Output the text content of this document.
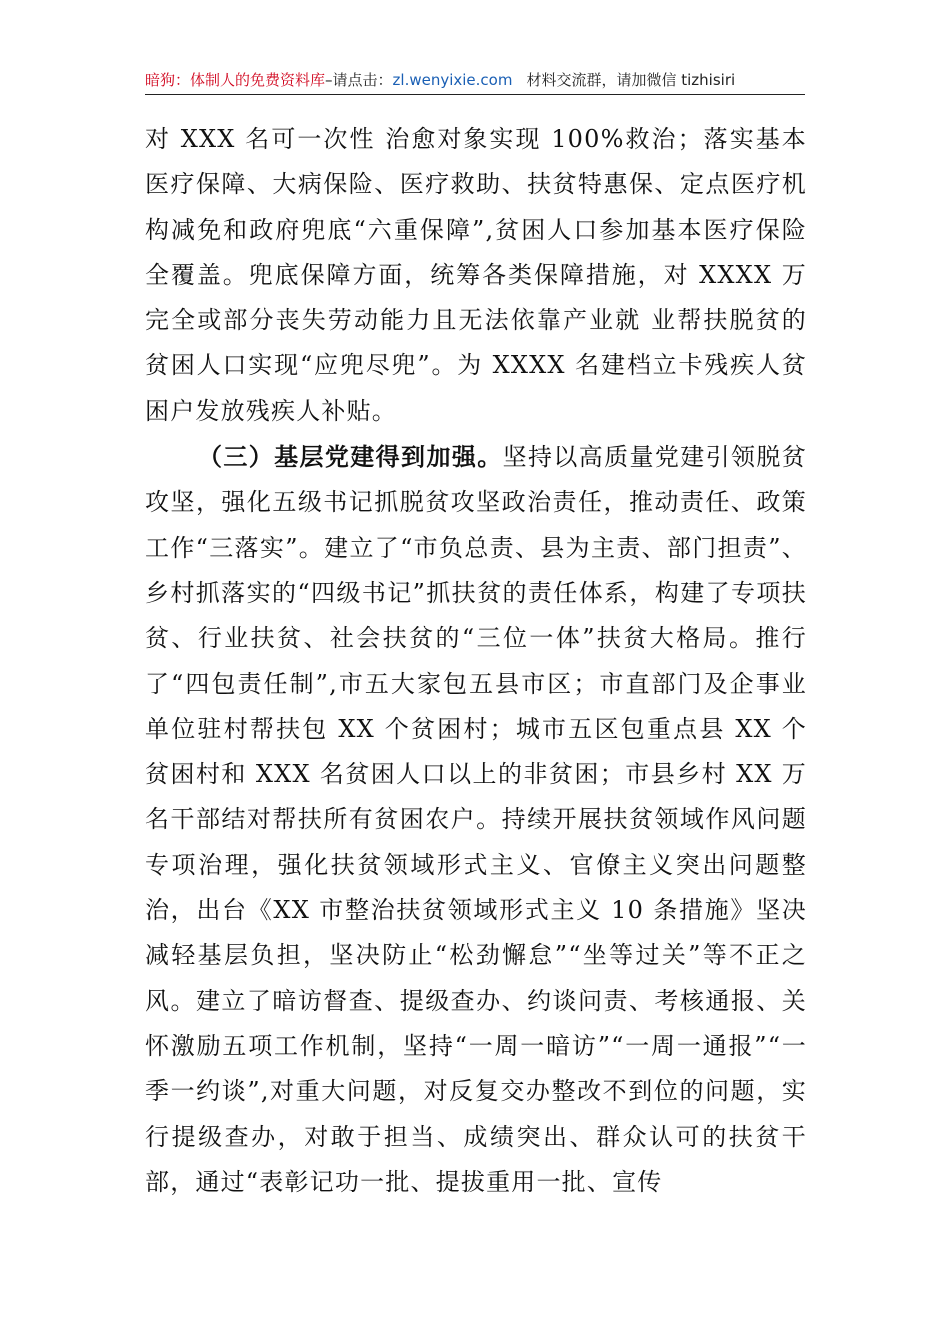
暗狗：体制人的免费资料库–请点击：zl.wenyixie.com 材料交流群，请加微信 tizhisiri

对 XXX 名可一次性 治愈对象实现 100%救治；落实基本医疗保障、大病保险、医疗救助、扶贫特惠保、定点医疗机构减免和政府兜底“六重保障”,贫困人口参加基本医疗保险全覆盖。兜底保障方面，统筹各类保障措施，对 XXXX 万完全或部分丧失劳动能力且无法依靠产业就 业帮扶脱贫的贫困人口实现“应兜尽兜”。为 XXXX 名建档立卡残疾人贫困户发放残疾人补贴。

（三）基层党建得到加强。坚持以高质量党建引领脱贫攻坚，强化五级书记抓脱贫攻坚政治责任，推动责任、政策工作“三落实”。建立了“市负总责、县为主责、部门担责”、乡村抓落实的“四级书记”抓扶贫的责任体系，构建了专项扶贫、行业扶贫、社会扶贫的“三位一体”扶贫大格局。推行了“四包责任制”,市五大家包五县市区；市直部门及企事业单位驻村帮扶包 XX 个贫困村；城市五区包重点县 XX 个贫困村和 XXX 名贫困人口以上的非贫困；市县乡村 XX 万名干部结对帮扶所有贫困农户。持续开展扶贫领域作风问题专项治理，强化扶贫领域形式主义、官僚主义突出问题整治，出台《XX 市整治扶贫领域形式主义 10 条措施》坚决减轻基层负担，坚决防止“松劲懈怠”“坐等过关”等不正之风。建立了暗访督查、提级查办、约谈问责、考核通报、关怀激励五项工作机制，坚持“一周一暗访”“一周一通报”“一季一约谈”,对重大问题，对反复交办整改不到位的问题，实行提级查办，对敢于担当、成绩突出、群众认可的扶贫干部，通过“表彰记功一批、提拔重用一批、宣传
